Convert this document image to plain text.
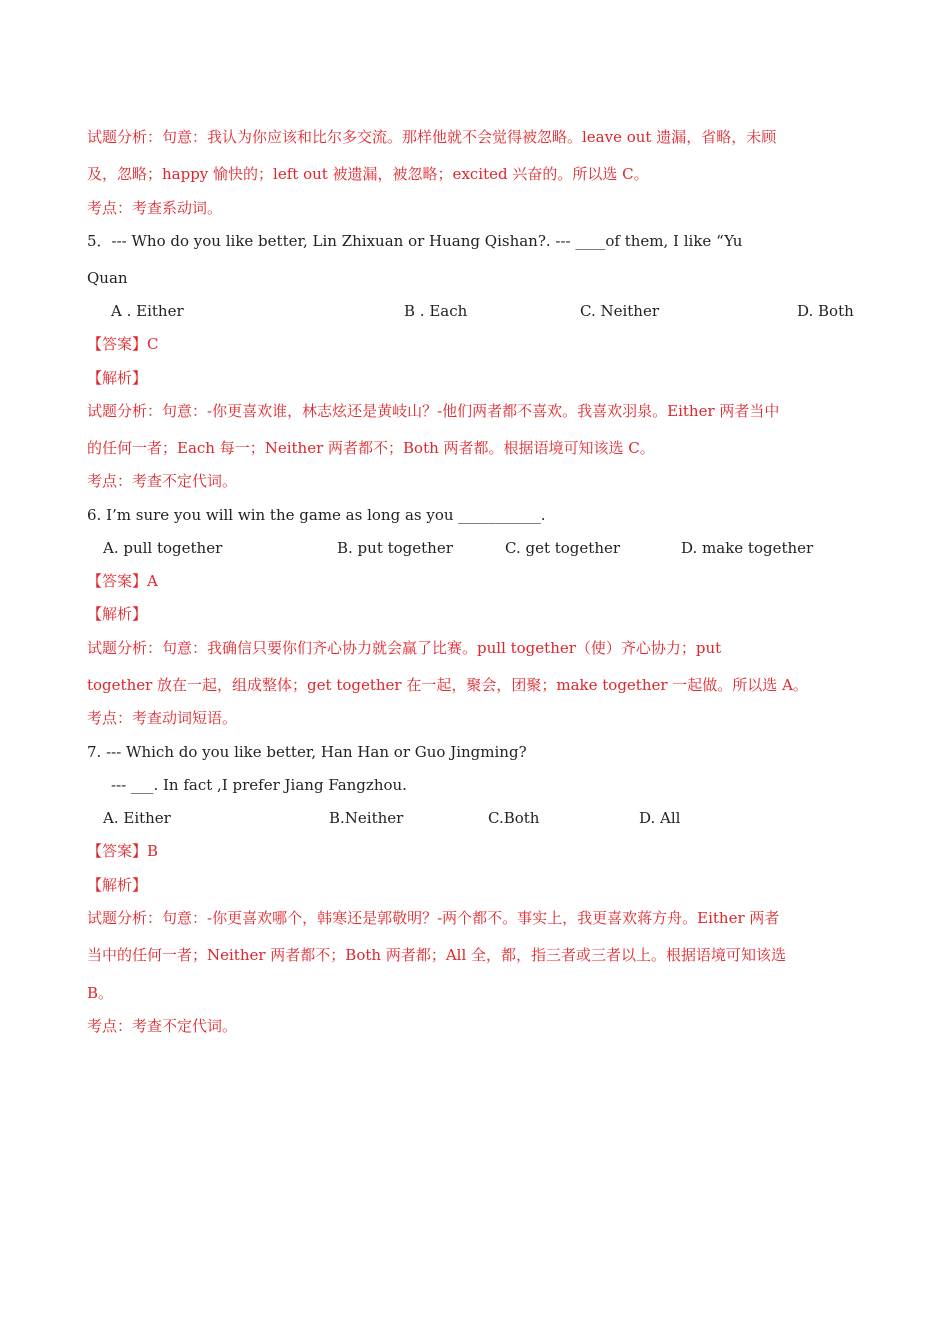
试题分析：句意：我认为你应该和比尔多交流。那样他就不会觉得被忽略。leave out 遗漏，省略，未顾
及，忽略；happy 愉快的；left out 被遗漏，被忽略；excited 兴奋的。所以选 C。
考点：考查系动词。
5．--- Who do you like better, Lin Zhixuan or Huang Qishan?. --- ____of them, I like “Yu
Quan
A . Either	B . Each	C. Neither	D. Both
【答案】C
【解析】
试题分析：句意：-你更喜欢谁，林志炫还是黄岐山？-他们两者都不喜欢。我喜欢羽泉。Either 两者当中
的任何一者；Each 每一；Neither 两者都不；Both 两者都。根据语境可知该选 C。
考点：考查不定代词。
6. I’m sure you will win the game as long as you ___________.
A. pull together	B. put together	C. get together	D. make together
【答案】A
【解析】
试题分析：句意：我确信只要你们齐心协力就会赢了比赛。pull together（使）齐心协力；put
together 放在一起，组成整体；get together 在一起，聚会，团聚；make together 一起做。所以选 A。
考点：考查动词短语。
7. --- Which do you like better, Han Han or Guo Jingming?
--- ___. In fact ,I prefer Jiang Fangzhou.
A. Either	B.Neither	C.Both	D. All
【答案】B
【解析】
试题分析：句意：-你更喜欢哪个，韩寒还是郭敬明？-两个都不。事实上，我更喜欢蒋方舟。Either 两者
当中的任何一者；Neither 两者都不；Both 两者都；All 全，都，指三者或三者以上。根据语境可知该选
B。
考点：考查不定代词。
